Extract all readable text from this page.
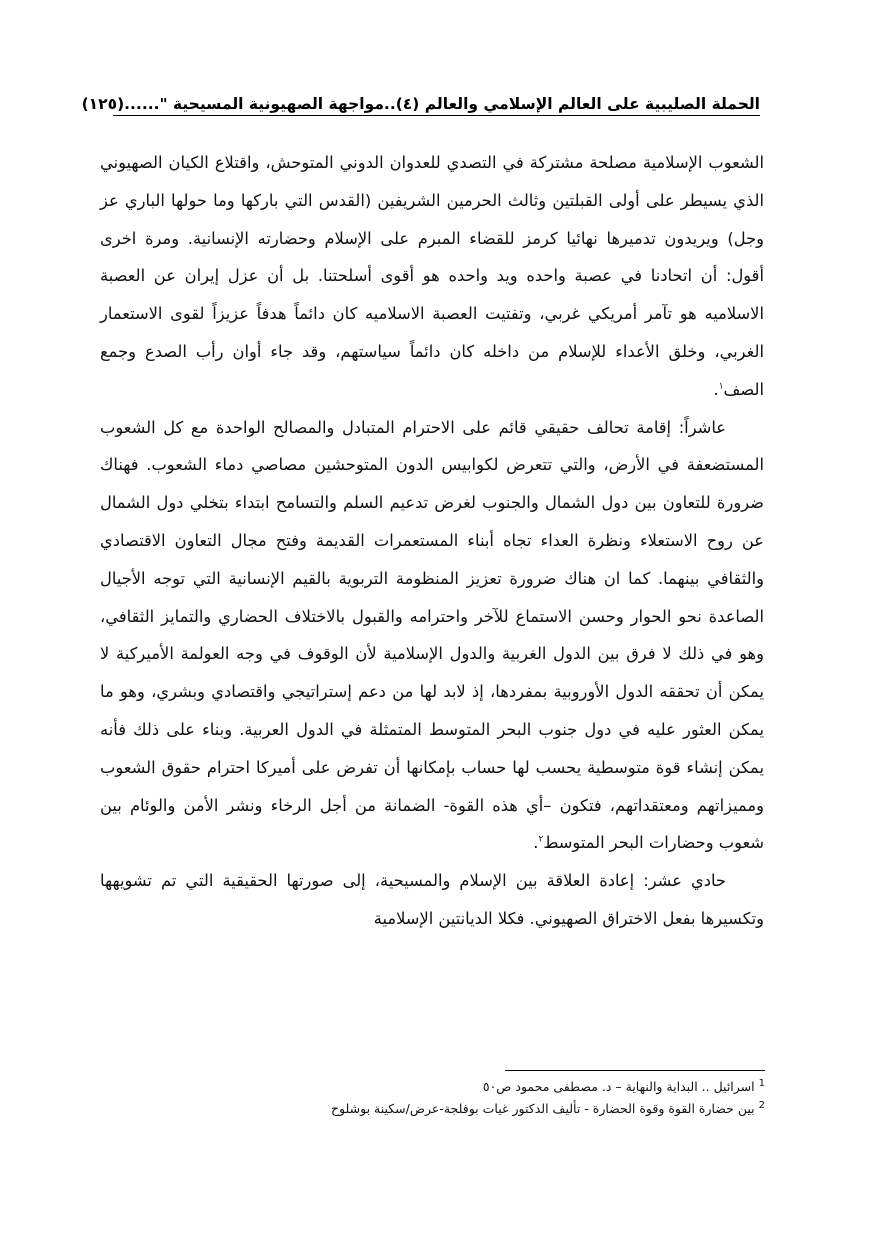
الحملة الصليبية على العالم الإسلامي والعالم (٤)..مواجهة الصهيونية المسيحية "......
(١٢٥)

الشعوب الإسلامية مصلحة مشتركة في التصدي للعدوان الدوني المتوحش، واقتلاع الكيان الصهيوني الذي يسيطر على أولى القبلتين وثالث الحرمين الشريفين (القدس التي باركها وما حولها الباري عز وجل) ويريدون تدميرها نهائيا كرمز للقضاء المبرم على الإسلام وحضارته الإنسانية. ومرة اخرى أقول: أن اتحادنا في عصبة واحده ويد واحده هو أقوى أسلحتنا. بل أن عزل إيران عن العصبة الاسلاميه هو تآمر أمريكي غربي، وتفتيت العصبة الاسلاميه كان دائماً هدفاً عزيزاً لقوى الاستعمار الغربي، وخلق الأعداء للإسلام من داخله كان دائماً سياستهم، وقد جاء أوان رأب الصدع وجمع الصف$^١$.

عاشراً: إقامة تحالف حقيقي قائم على الاحترام المتبادل والمصالح الواحدة مع كل الشعوب المستضعفة في الأرض، والتي تتعرض لكوابيس الدون المتوحشين مصاصي دماء الشعوب. فهناك ضرورة للتعاون بين دول الشمال والجنوب لغرض تدعيم السلم والتسامح ابتداء بتخلي دول الشمال عن روح الاستعلاء ونظرة العداء تجاه أبناء المستعمرات القديمة وفتح مجال التعاون الاقتصادي والثقافي بينهما. كما ان هناك ضرورة تعزيز المنظومة التربوية بالقيم الإنسانية التي توجه الأجيال الصاعدة نحو الحوار وحسن الاستماع للآخر واحترامه والقبول بالاختلاف الحضاري والتمايز الثقافي، وهو في ذلك لا فرق بين الدول الغربية والدول الإسلامية لأن الوقوف في وجه العولمة الأميركية لا يمكن أن تحققه الدول الأوروبية بمفردها، إذ لابد لها من دعم إستراتيجي واقتصادي وبشري، وهو ما يمكن العثور عليه في دول جنوب البحر المتوسط المتمثلة في الدول العربية. وبناء على ذلك فأنه يمكن إنشاء قوة متوسطية يحسب لها حساب بإمكانها أن تفرض على أميركا احترام حقوق الشعوب ومميزاتهم ومعتقداتهم، فتكون –أي هذه القوة- الضمانة من أجل الرخاء ونشر الأمن والوئام بين شعوب وحضارات البحر المتوسط$^٢$.

حادي عشر: إعادة العلاقة بين الإسلام والمسيحية، إلى صورتها الحقيقية التي تم تشويهها وتكسيرها بفعل الاختراق الصهيوني. فكلا الديانتين الإسلامية

$^1$اسرائيل .. البداية والنهاية – د. مصطفى محمود ص٥٠
$^2$بين حضارة القوة وقوة الحضارة - تأليف الدكتور غيات بوفلجة-عرض/سكينة بوشلوح
